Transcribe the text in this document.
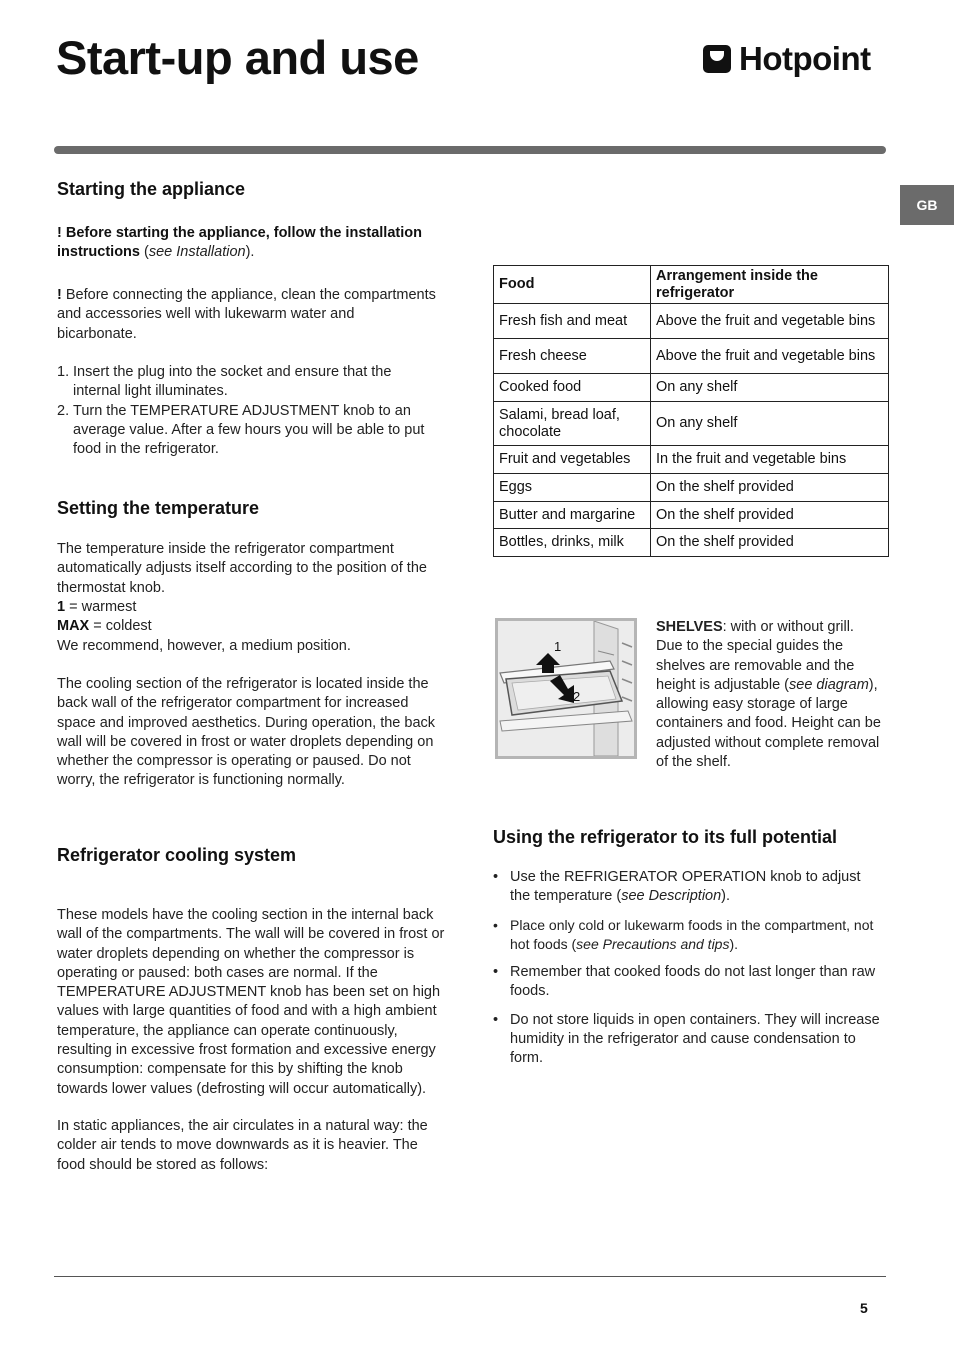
Start-up and use	Hotpoint
GB
Starting the appliance
! Before starting the appliance, follow the installation instructions (see Installation).
! Before connecting the appliance, clean the compartments and accessories well with lukewarm water and bicarbonate.
1. Insert the plug into the socket and ensure that the internal light illuminates.
2. Turn the TEMPERATURE ADJUSTMENT knob to an average value. After a few hours you will be able to put food in the refrigerator.
Setting the temperature
The temperature inside the refrigerator compartment automatically adjusts itself according to the position of the thermostat knob.
1 = warmest
MAX = coldest
We recommend, however, a medium position.
The cooling section of the refrigerator is located inside the back wall of the refrigerator compartment for increased space and improved aesthetics. During operation, the back wall will be covered in frost or water droplets depending on whether the compressor is operating or paused. Do not worry, the refrigerator is functioning normally.
Refrigerator cooling system
These models have the cooling section in the internal back wall of the compartments. The wall will be covered in frost or water droplets depending on whether the compressor is operating or paused: both cases are normal. If the TEMPERATURE ADJUSTMENT knob has been set on high values with large quantities of food and with a high ambient temperature, the appliance can operate continuously, resulting in excessive frost formation and excessive energy consumption: compensate for this by shifting the knob towards lower values (defrosting will occur automatically).
In static appliances, the air circulates in a natural way: the colder air tends to move downwards as it is heavier. The food should be stored as follows:
Food	Arrangement inside the refrigerator
Fresh fish and meat	Above the fruit and vegetable bins
Fresh cheese	Above the fruit and vegetable bins
Cooked food	On any shelf
Salami, bread loaf, chocolate	On any shelf
Fruit and vegetables	In the fruit and vegetable bins
Eggs	On the shelf provided
Butter and margarine	On the shelf provided
Bottles, drinks, milk	On the shelf provided
1
2
SHELVES: with or without grill. Due to the special guides the shelves are removable and the height is adjustable (see diagram), allowing easy storage of large containers and food. Height can be adjusted without complete removal of the shelf.
Using the refrigerator to its full potential
• Use the REFRIGERATOR OPERATION knob to adjust the temperature (see Description).
• Place only cold or lukewarm foods in the compartment, not hot foods (see Precautions and tips).
• Remember that cooked foods do not last longer than raw foods.
• Do not store liquids in open containers. They will increase humidity in the refrigerator and cause condensation to form.
5
